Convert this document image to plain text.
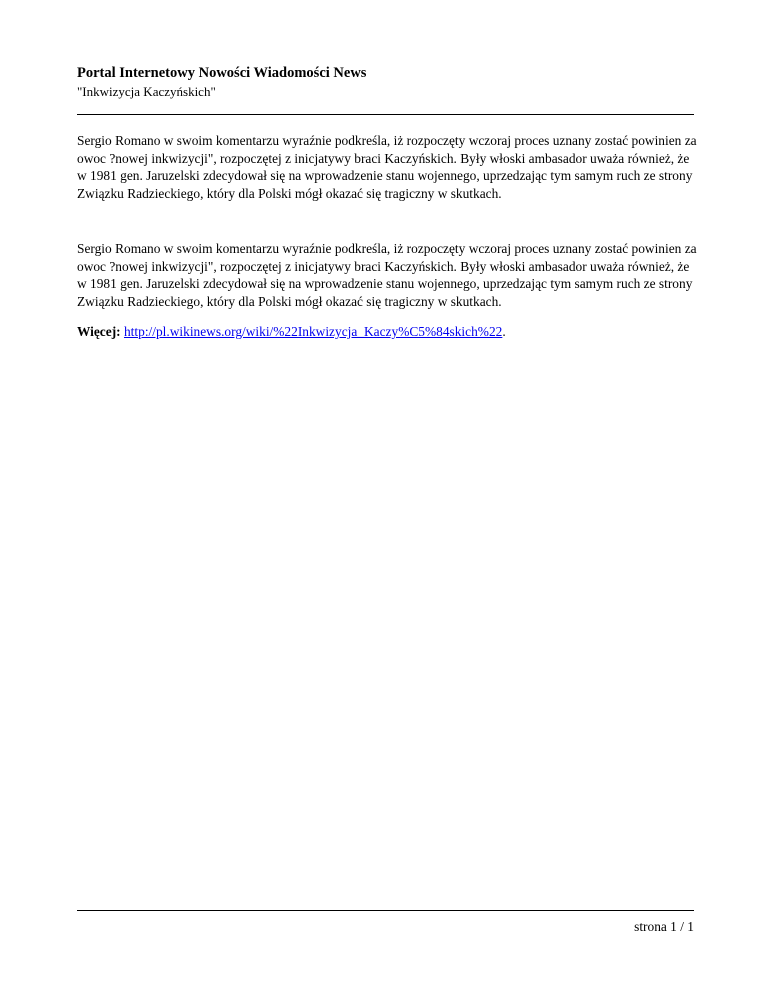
Portal Internetowy Nowości Wiadomości News

"Inkwizycja Kaczyńskich"

Sergio Romano w swoim komentarzu wyraźnie podkreśla, iż rozpoczęty wczoraj proces uznany zostać powinien za owoc ?nowej inkwizycji", rozpoczętej z inicjatywy braci Kaczyńskich. Były włoski ambasador uważa również, że w 1981 gen. Jaruzelski zdecydował się na wprowadzenie stanu wojennego, uprzedzając tym samym ruch ze strony Związku Radzieckiego, który dla Polski mógł okazać się tragiczny w skutkach.

Sergio Romano w swoim komentarzu wyraźnie podkreśla, iż rozpoczęty wczoraj proces uznany zostać powinien za owoc ?nowej inkwizycji", rozpoczętej z inicjatywy braci Kaczyńskich. Były włoski ambasador uważa również, że w 1981 gen. Jaruzelski zdecydował się na wprowadzenie stanu wojennego, uprzedzając tym samym ruch ze strony Związku Radzieckiego, który dla Polski mógł okazać się tragiczny w skutkach.

Więcej: http://pl.wikinews.org/wiki/%22Inkwizycja_Kaczy%C5%84skich%22.

strona 1 / 1
